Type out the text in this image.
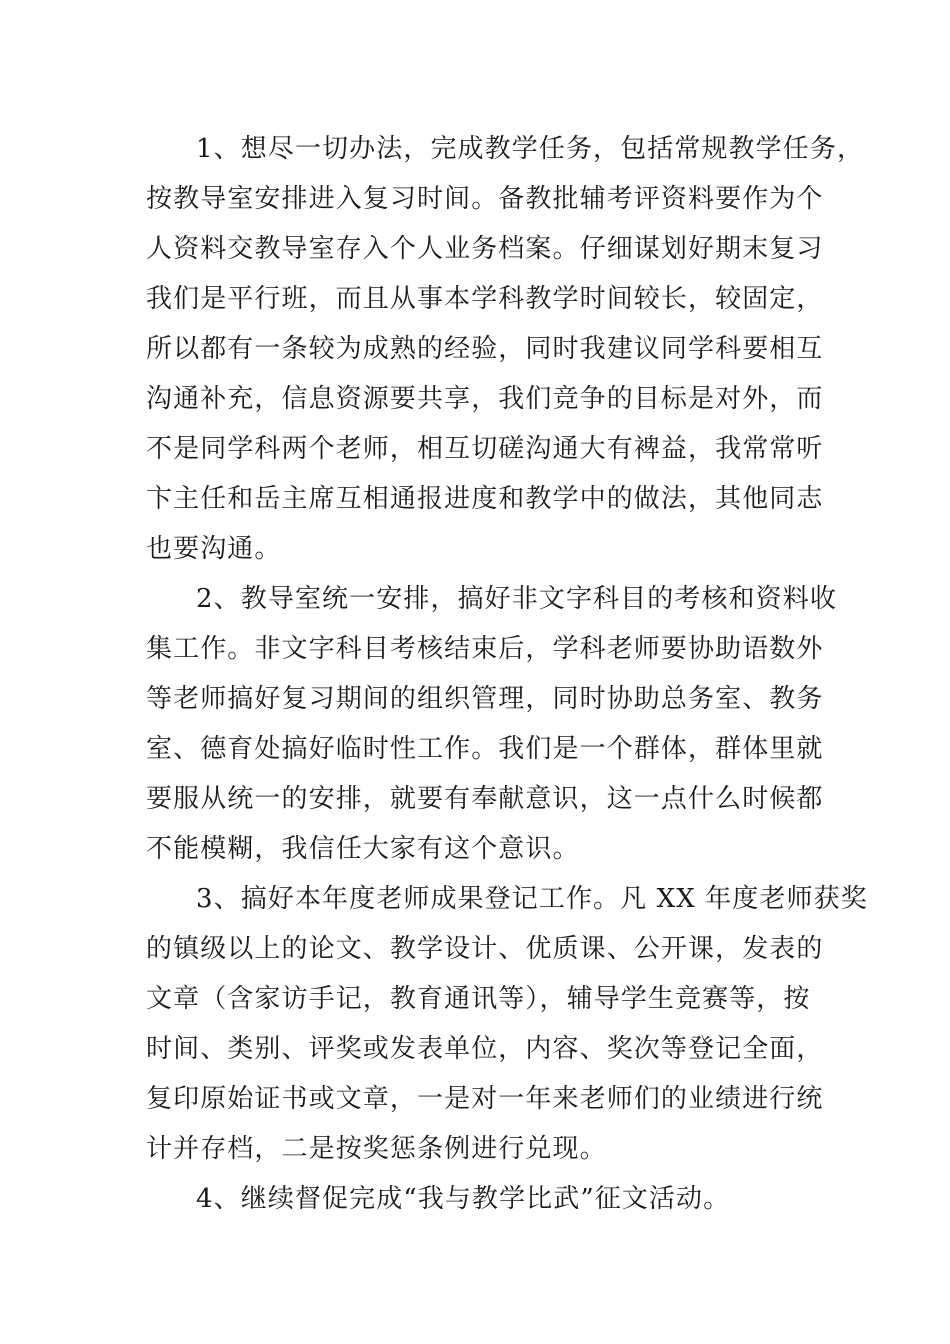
1、想尽一切办法，完成教学任务，包括常规教学任务，
按教导室安排进入复习时间。备教批辅考评资料要作为个
人资料交教导室存入个人业务档案。仔细谋划好期末复习
我们是平行班，而且从事本学科教学时间较长，较固定，
所以都有一条较为成熟的经验，同时我建议同学科要相互
沟通补充，信息资源要共享，我们竞争的目标是对外，而
不是同学科两个老师，相互切磋沟通大有裨益，我常常听
卞主任和岳主席互相通报进度和教学中的做法，其他同志
也要沟通。
2、教导室统一安排，搞好非文字科目的考核和资料收
集工作。非文字科目考核结束后，学科老师要协助语数外
等老师搞好复习期间的组织管理，同时协助总务室、教务
室、德育处搞好临时性工作。我们是一个群体，群体里就
要服从统一的安排，就要有奉献意识，这一点什么时候都
不能模糊，我信任大家有这个意识。
3、搞好本年度老师成果登记工作。凡 XX 年度老师获奖
的镇级以上的论文、教学设计、优质课、公开课，发表的
文章（含家访手记，教育通讯等），辅导学生竞赛等，按
时间、类别、评奖或发表单位，内容、奖次等登记全面，
复印原始证书或文章，一是对一年来老师们的业绩进行统
计并存档，二是按奖惩条例进行兑现。
4、继续督促完成“我与教学比武”征文活动。
